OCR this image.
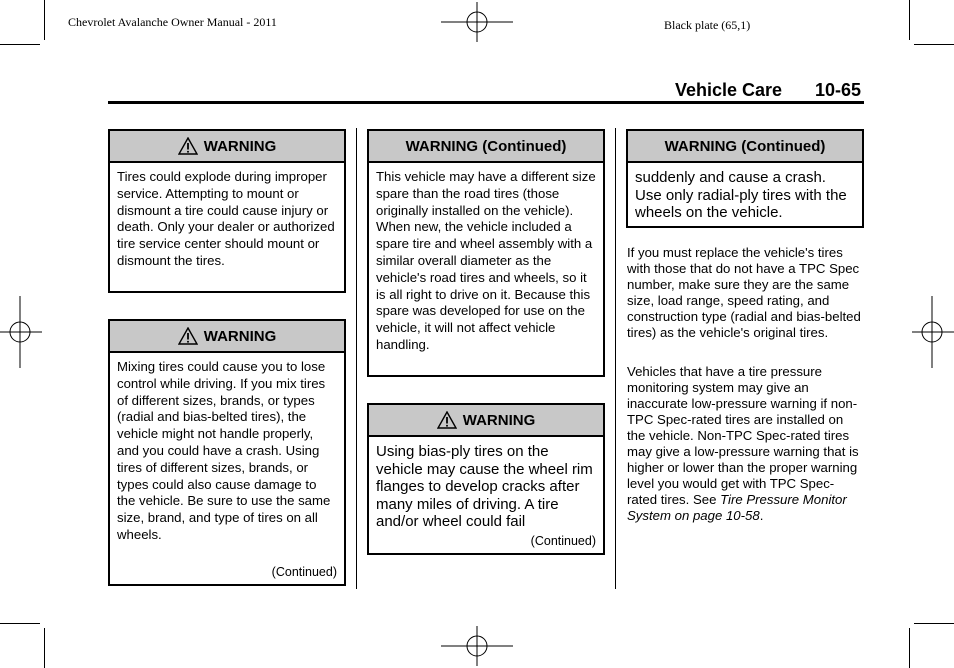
Chevrolet Avalanche Owner Manual - 2011	Black plate (65,1)
Vehicle Care 10-65
WARNING
Tires could explode during improper service. Attempting to mount or dismount a tire could cause injury or death. Only your dealer or authorized tire service center should mount or dismount the tires.
WARNING
Mixing tires could cause you to lose control while driving. If you mix tires of different sizes, brands, or types (radial and bias-belted tires), the vehicle might not handle properly, and you could have a crash. Using tires of different sizes, brands, or types could also cause damage to the vehicle. Be sure to use the same size, brand, and type of tires on all wheels.
(Continued)
WARNING (Continued)
This vehicle may have a different size spare than the road tires (those originally installed on the vehicle). When new, the vehicle included a spare tire and wheel assembly with a similar overall diameter as the vehicle's road tires and wheels, so it is all right to drive on it. Because this spare was developed for use on the vehicle, it will not affect vehicle handling.
WARNING
Using bias-ply tires on the vehicle may cause the wheel rim flanges to develop cracks after many miles of driving. A tire and/or wheel could fail
(Continued)
WARNING (Continued)
suddenly and cause a crash. Use only radial-ply tires with the wheels on the vehicle.
If you must replace the vehicle's tires with those that do not have a TPC Spec number, make sure they are the same size, load range, speed rating, and construction type (radial and bias-belted tires) as the vehicle's original tires.
Vehicles that have a tire pressure monitoring system may give an inaccurate low-pressure warning if non-TPC Spec-rated tires are installed on the vehicle. Non-TPC Spec-rated tires may give a low-pressure warning that is higher or lower than the proper warning level you would get with TPC Spec-rated tires. See Tire Pressure Monitor System on page 10-58.
